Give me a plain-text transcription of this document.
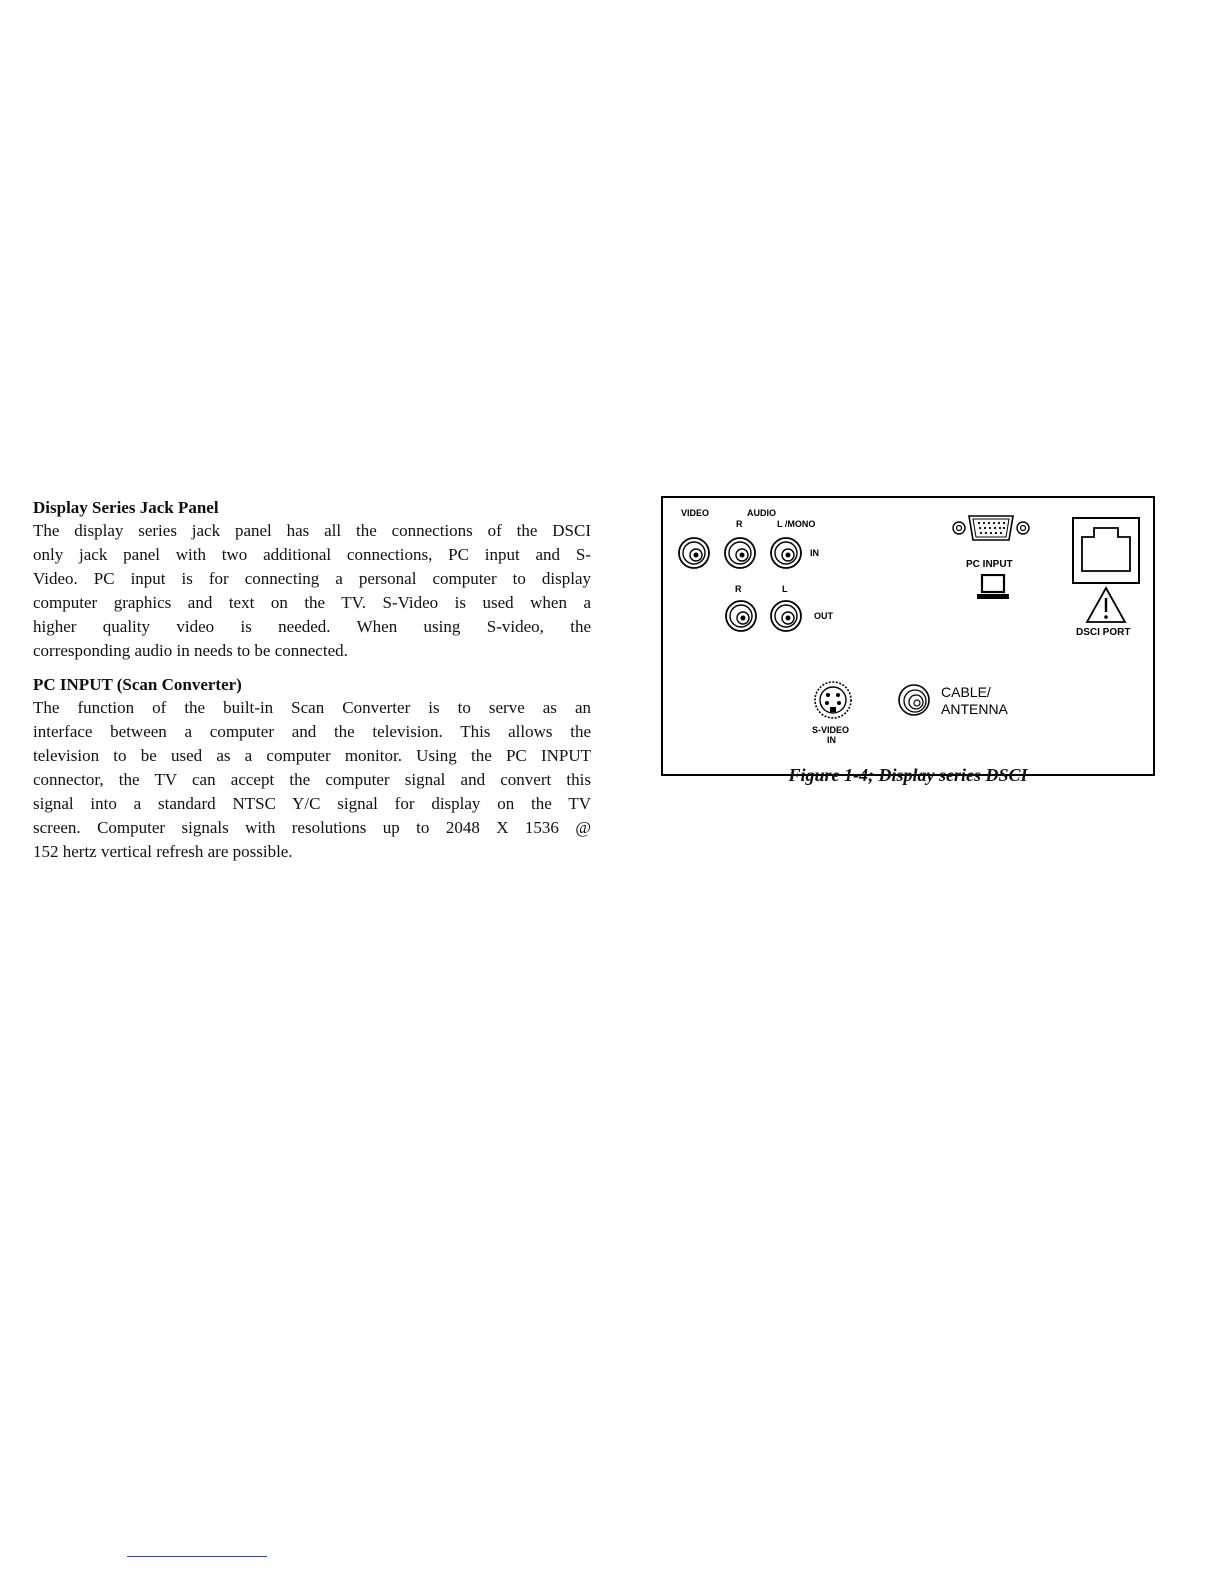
Display Series Jack Panel

The display series jack panel has all the connections of the DSCI

only jack panel with two additional connections, PC input and S-

Video. PC input is for connecting a personal computer to display

computer graphics and text on the TV. S-Video is used when a

higher quality video is needed. When using S-video, the

corresponding audio in needs to be connected.

PC INPUT (Scan Converter)

The function of the built-in Scan Converter is to serve as an

interface between a computer and the television. This allows the

television to be used as a computer monitor. Using the PC INPUT

connector, the TV can accept the computer signal and convert this

signal into a standard NTSC Y/C signal for display on the TV

screen. Computer signals with resolutions up to 2048 X 1536 @

152 hertz vertical refresh are possible.

VIDEO	AUDIO
R	L /MONO
IN
R	L
OUT
PC INPUT
DSCI PORT
S-VIDEO
IN
CABLE/
ANTENNA
Figure 1-4; Display series DSCI
